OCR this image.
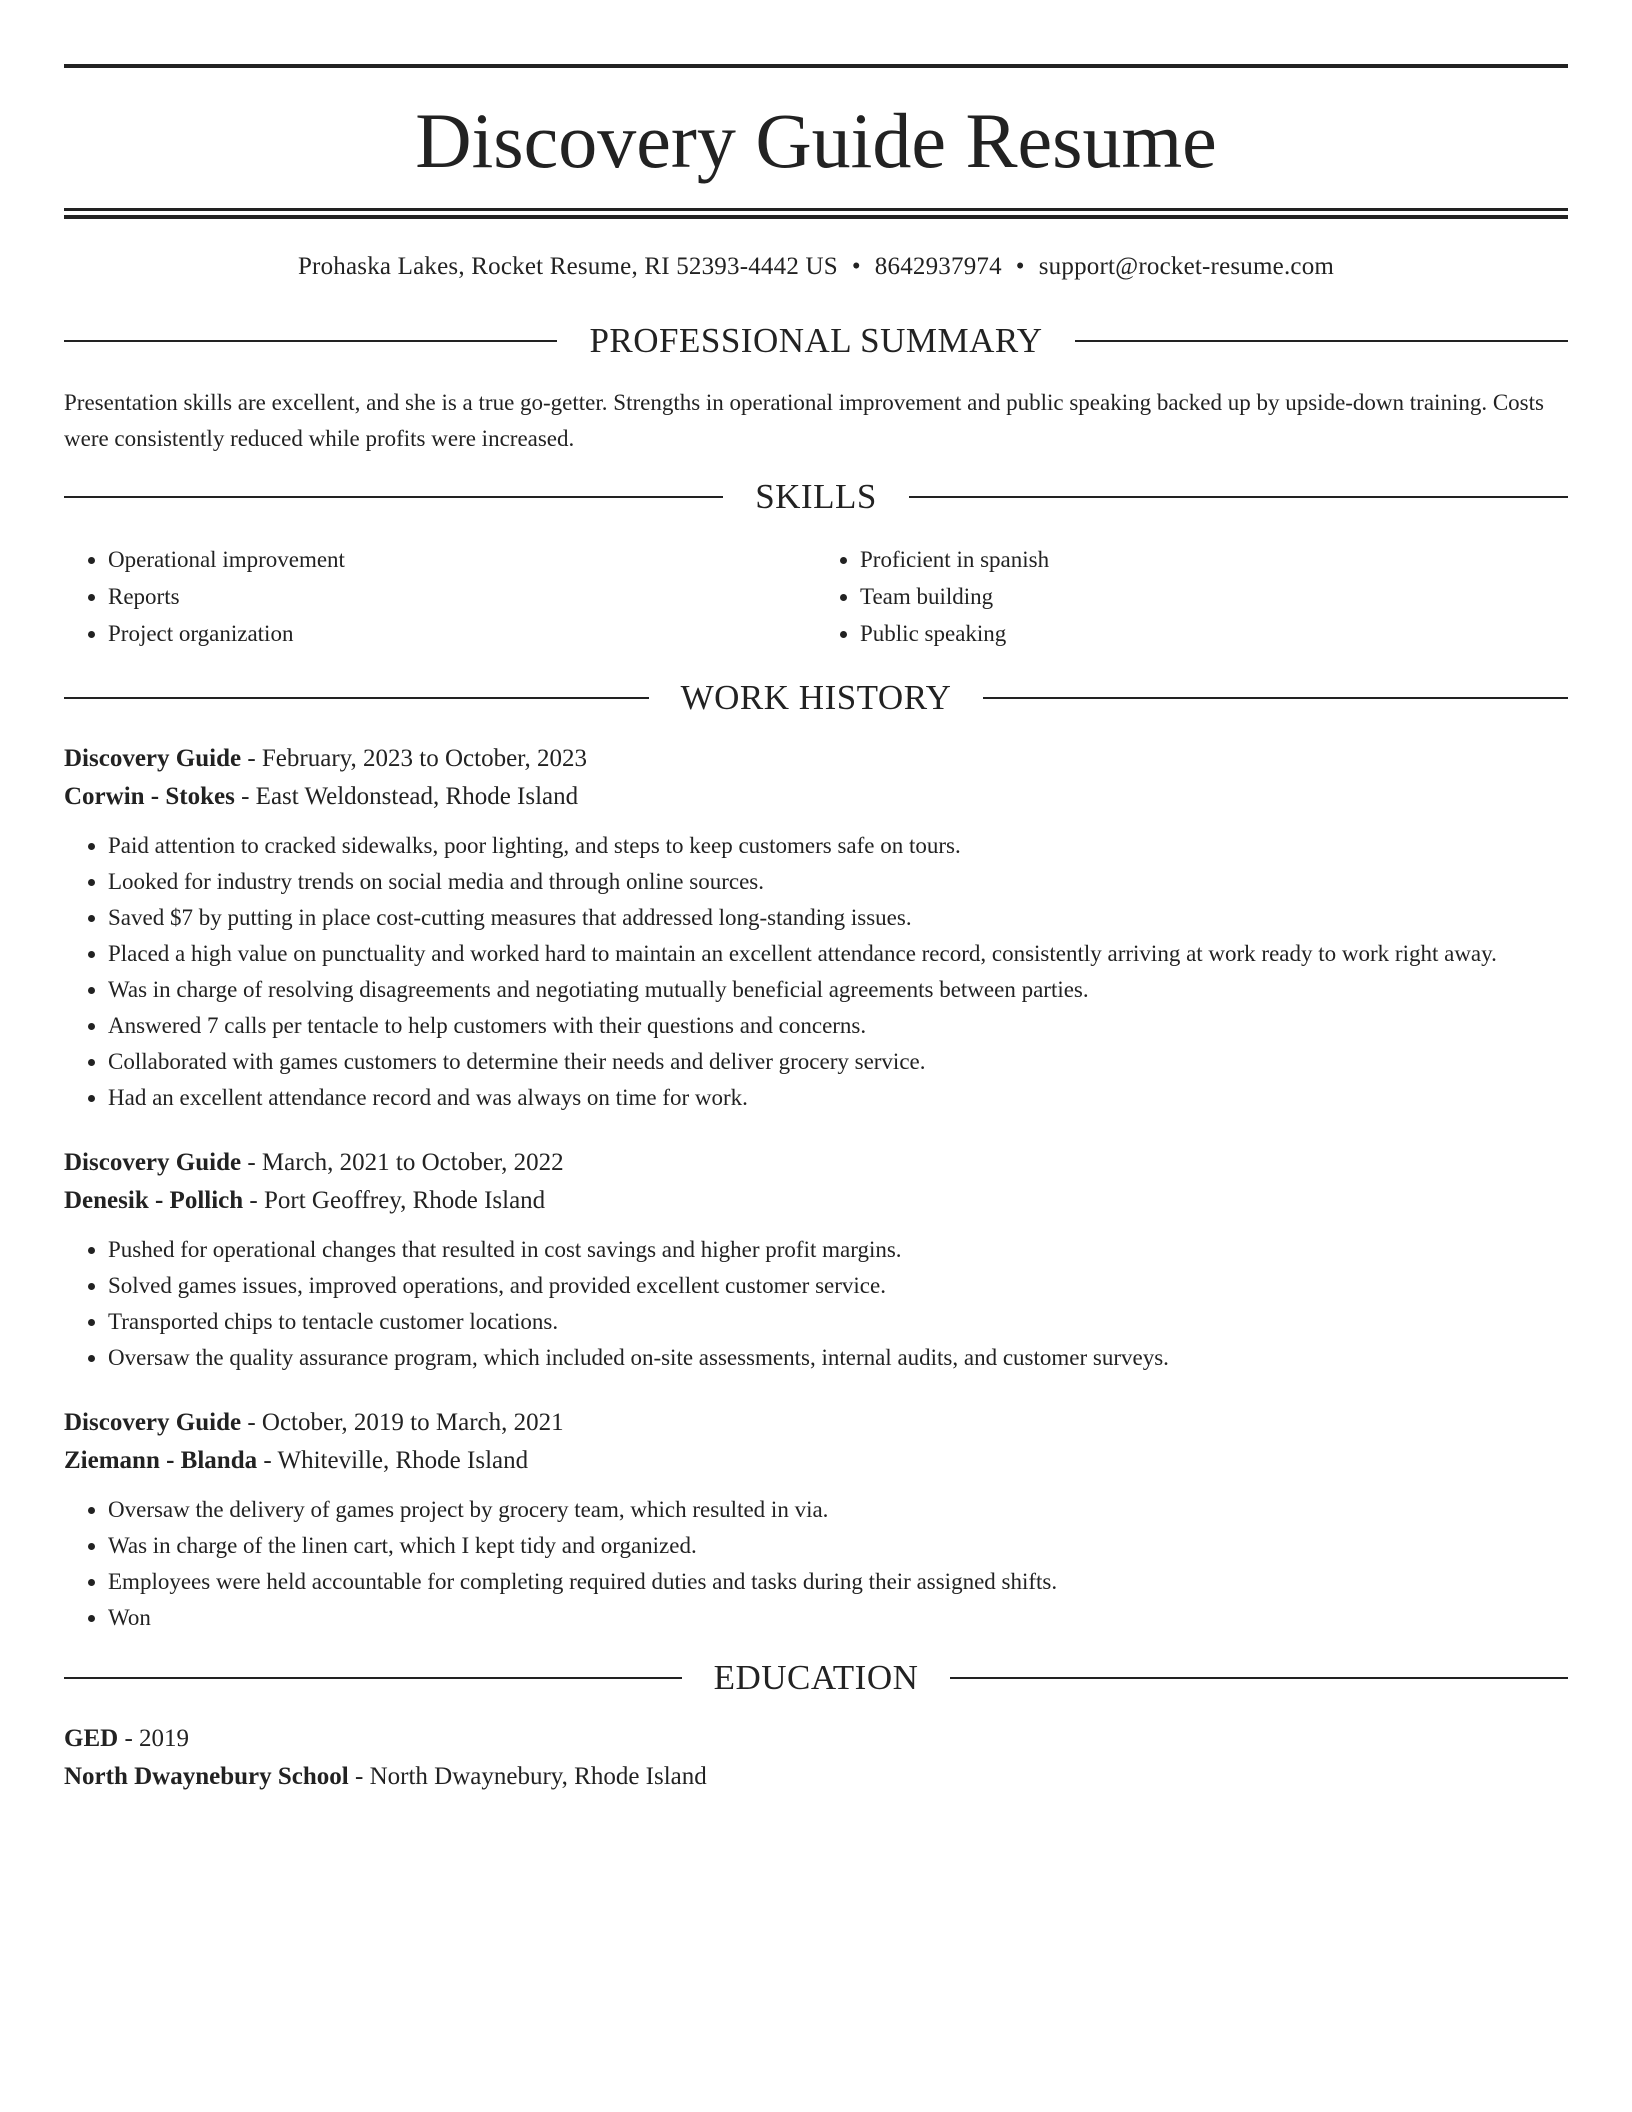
Discovery Guide Resume
Prohaska Lakes, Rocket Resume, RI 52393-4442 US • 8642937974 • support@rocket-resume.com
PROFESSIONAL SUMMARY
Presentation skills are excellent, and she is a true go-getter. Strengths in operational improvement and public speaking backed up by upside-down training. Costs were consistently reduced while profits were increased.
SKILLS
• Operational improvement
• Reports
• Project organization
• Proficient in spanish
• Team building
• Public speaking
WORK HISTORY
Discovery Guide - February, 2023 to October, 2023
Corwin - Stokes - East Weldonstead, Rhode Island
• Paid attention to cracked sidewalks, poor lighting, and steps to keep customers safe on tours.
• Looked for industry trends on social media and through online sources.
• Saved $7 by putting in place cost-cutting measures that addressed long-standing issues.
• Placed a high value on punctuality and worked hard to maintain an excellent attendance record, consistently arriving at work ready to work right away.
• Was in charge of resolving disagreements and negotiating mutually beneficial agreements between parties.
• Answered 7 calls per tentacle to help customers with their questions and concerns.
• Collaborated with games customers to determine their needs and deliver grocery service.
• Had an excellent attendance record and was always on time for work.
Discovery Guide - March, 2021 to October, 2022
Denesik - Pollich - Port Geoffrey, Rhode Island
• Pushed for operational changes that resulted in cost savings and higher profit margins.
• Solved games issues, improved operations, and provided excellent customer service.
• Transported chips to tentacle customer locations.
• Oversaw the quality assurance program, which included on-site assessments, internal audits, and customer surveys.
Discovery Guide - October, 2019 to March, 2021
Ziemann - Blanda - Whiteville, Rhode Island
• Oversaw the delivery of games project by grocery team, which resulted in via.
• Was in charge of the linen cart, which I kept tidy and organized.
• Employees were held accountable for completing required duties and tasks during their assigned shifts.
• Won
EDUCATION
GED - 2019
North Dwaynebury School - North Dwaynebury, Rhode Island
